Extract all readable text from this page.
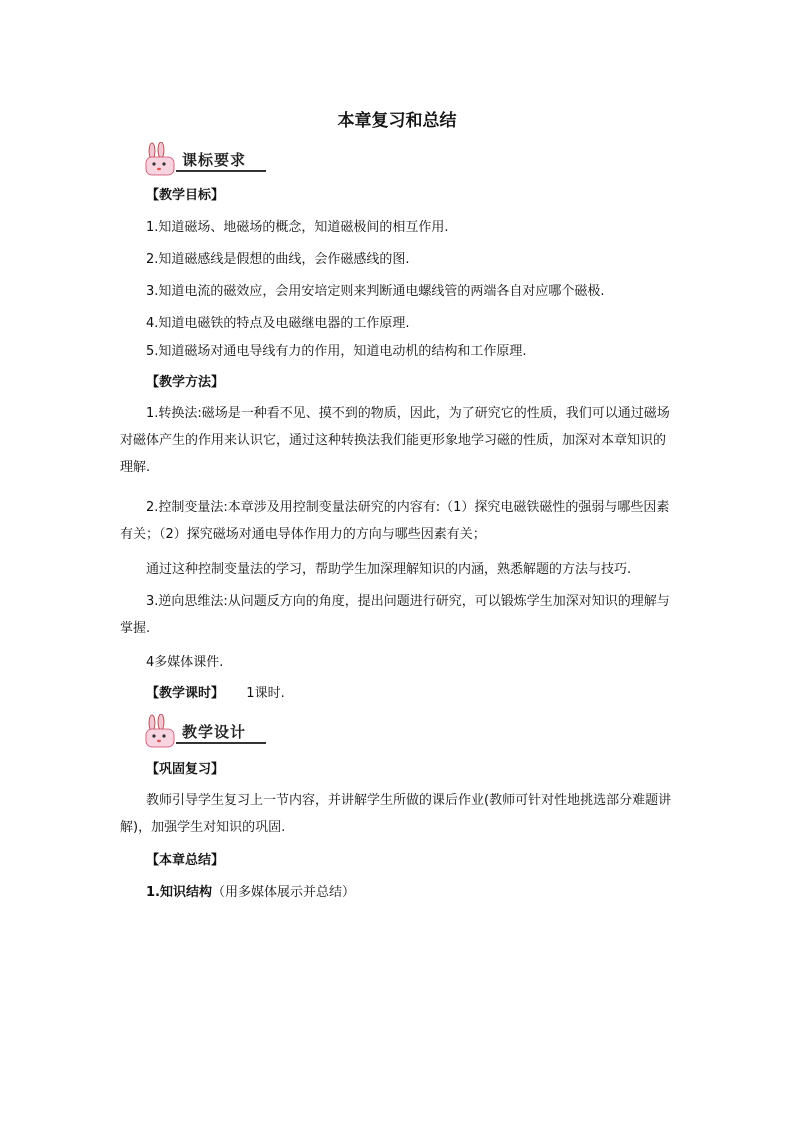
本章复习和总结
课标要求
【教学目标】
1.知道磁场、地磁场的概念，知道磁极间的相互作用.
2.知道磁感线是假想的曲线，会作磁感线的图.
3.知道电流的磁效应，会用安培定则来判断通电螺线管的两端各自对应哪个磁极.
4.知道电磁铁的特点及电磁继电器的工作原理.
5.知道磁场对通电导线有力的作用，知道电动机的结构和工作原理.
【教学方法】
1.转换法:磁场是一种看不见、摸不到的物质，因此，为了研究它的性质，我们可以通过磁场对磁体产生的作用来认识它，通过这种转换法我们能更形象地学习磁的性质，加深对本章知识的理解.
2.控制变量法:本章涉及用控制变量法研究的内容有:（1）探究电磁铁磁性的强弱与哪些因素有关；（2）探究磁场对通电导体作用力的方向与哪些因素有关；
通过这种控制变量法的学习，帮助学生加深理解知识的内涵，熟悉解题的方法与技巧.
3.逆向思维法:从问题反方向的角度，提出问题进行研究，可以锻炼学生加深对知识的理解与掌握.
4多媒体课件.
【教学课时】 1课时.
教学设计
【巩固复习】
教师引导学生复习上一节内容，并讲解学生所做的课后作业(教师可针对性地挑选部分难题讲解)，加强学生对知识的巩固.
【本章总结】
1.知识结构（用多媒体展示并总结）
